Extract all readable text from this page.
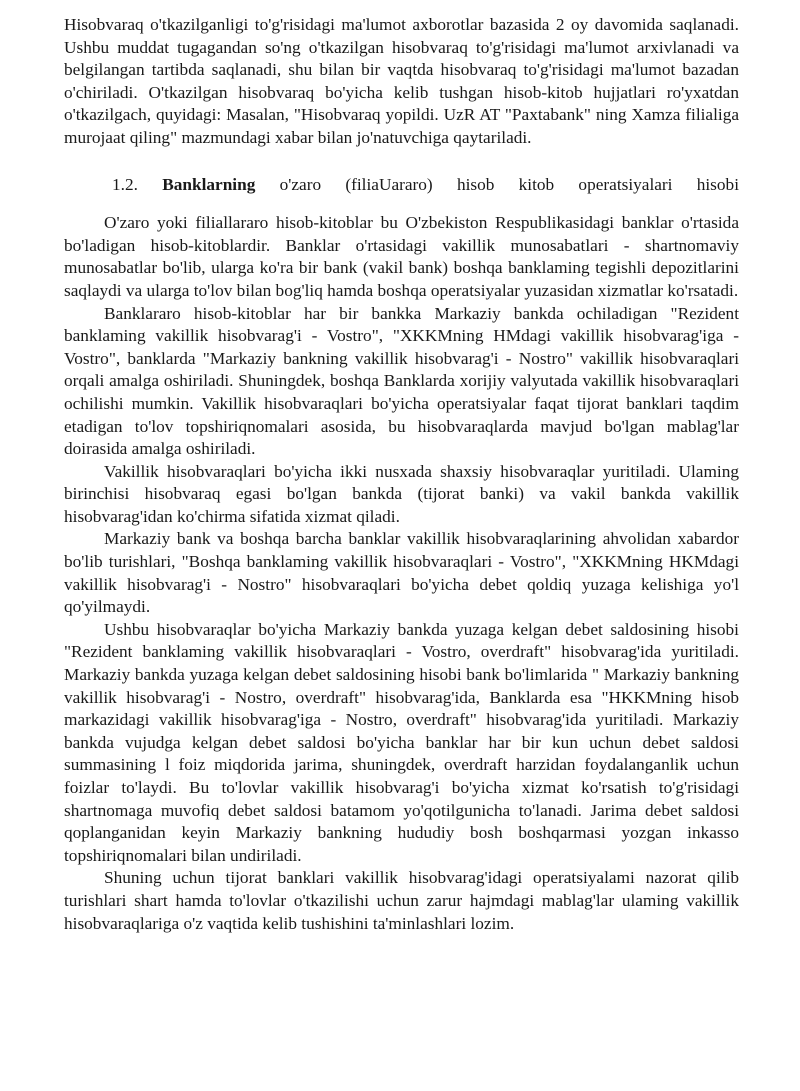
Hisobvaraq o'tkazilganligi to'g'risidagi ma'lumot axborotlar bazasida 2 oy davomida saqlanadi. Ushbu muddat tugagandan so'ng o'tkazilgan hisobvaraq to'g'risidagi ma'lumot arxivlanadi va belgilangan tartibda saqlanadi, shu bilan bir vaqtda hisobvaraq to'g'risidagi ma'lumot bazadan o'chiriladi. O'tkazilgan hisobvaraq bo'yicha kelib tushgan hisob-kitob hujjatlari ro'yxatdan o'tkazilgach, quyidagi: Masalan, "Hisobvaraq yopildi. UzR AT "Paxtabank" ning Xamza filialiga murojaat qiling" mazmundagi xabar bilan jo'natuvchiga qaytariladi.

1.2. Banklarning o'zaro (filiaUararo) hisob kitob operatsiyalari hisobi

O'zaro yoki filiallararo hisob-kitoblar bu O'zbekiston Respublikasidagi banklar o'rtasida bo'ladigan hisob-kitoblardir. Banklar o'rtasidagi vakillik munosabatlari - shartnomaviy munosabatlar bo'lib, ularga ko'ra bir bank (vakil bank) boshqa banklaming tegishli depozitlarini saqlaydi va ularga to'lov bilan bog'liq hamda boshqa operatsiyalar yuzasidan xizmatlar ko'rsatadi.

Banklararo hisob-kitoblar har bir bankka Markaziy bankda ochiladigan "Rezident banklaming vakillik hisobvarag'i - Vostro", "XKKMning HMdagi vakillik hisobvarag'iga - Vostro", banklarda "Markaziy bankning vakillik hisobvarag'i - Nostro" vakillik hisobvaraqlari orqali amalga oshiriladi. Shuningdek, boshqa Banklarda xorijiy valyutada vakillik hisobvaraqlari ochilishi mumkin. Vakillik hisobvaraqlari bo'yicha operatsiyalar faqat tijorat banklari taqdim etadigan to'lov topshiriqnomalari asosida, bu hisobvaraqlarda mavjud bo'lgan mablag'lar doirasida amalga oshiriladi.

Vakillik hisobvaraqlari bo'yicha ikki nusxada shaxsiy hisobvaraqlar yuritiladi. Ulaming birinchisi hisobvaraq egasi bo'lgan bankda (tijorat banki) va vakil bankda vakillik hisobvarag'idan ko'chirma sifatida xizmat qiladi.

Markaziy bank va boshqa barcha banklar vakillik hisobvaraqlarining ahvolidan xabardor bo'lib turishlari, "Boshqa banklaming vakillik hisobvaraqlari - Vostro", "XKKMning HKMdagi vakillik hisobvarag'i - Nostro" hisobvaraqlari bo'yicha debet qoldiq yuzaga kelishiga yo'l qo'yilmaydi.

Ushbu hisobvaraqlar bo'yicha Markaziy bankda yuzaga kelgan debet saldosining hisobi "Rezident banklaming vakillik hisobvaraqlari - Vostro, overdraft" hisobvarag'ida yuritiladi. Markaziy bankda yuzaga kelgan debet saldosining hisobi bank bo'limlarida " Markaziy bankning vakillik hisobvarag'i - Nostro, overdraft" hisobvarag'ida, Banklarda esa "HKKMning hisob markazidagi vakillik hisobvarag'iga - Nostro, overdraft" hisobvarag'ida yuritiladi. Markaziy bankda vujudga kelgan debet saldosi bo'yicha banklar har bir kun uchun debet saldosi summasining l foiz miqdorida jarima, shuningdek, overdraft harzidan foydalanganlik uchun foizlar to'laydi. Bu to'lovlar vakillik hisobvarag'i bo'yicha xizmat ko'rsatish to'g'risidagi shartnomaga muvofiq debet saldosi batamom yo'qotilgunicha to'lanadi. Jarima debet saldosi qoplanganidan keyin Markaziy bankning hududiy bosh boshqarmasi yozgan inkasso topshiriqnomalari bilan undiriladi.

Shuning uchun tijorat banklari vakillik hisobvarag'idagi operatsiyalami nazorat qilib turishlari shart hamda to'lovlar o'tkazilishi uchun zarur hajmdagi mablag'lar ulaming vakillik hisobvaraqlariga o'z vaqtida kelib tushishini ta'minlashlari lozim.
